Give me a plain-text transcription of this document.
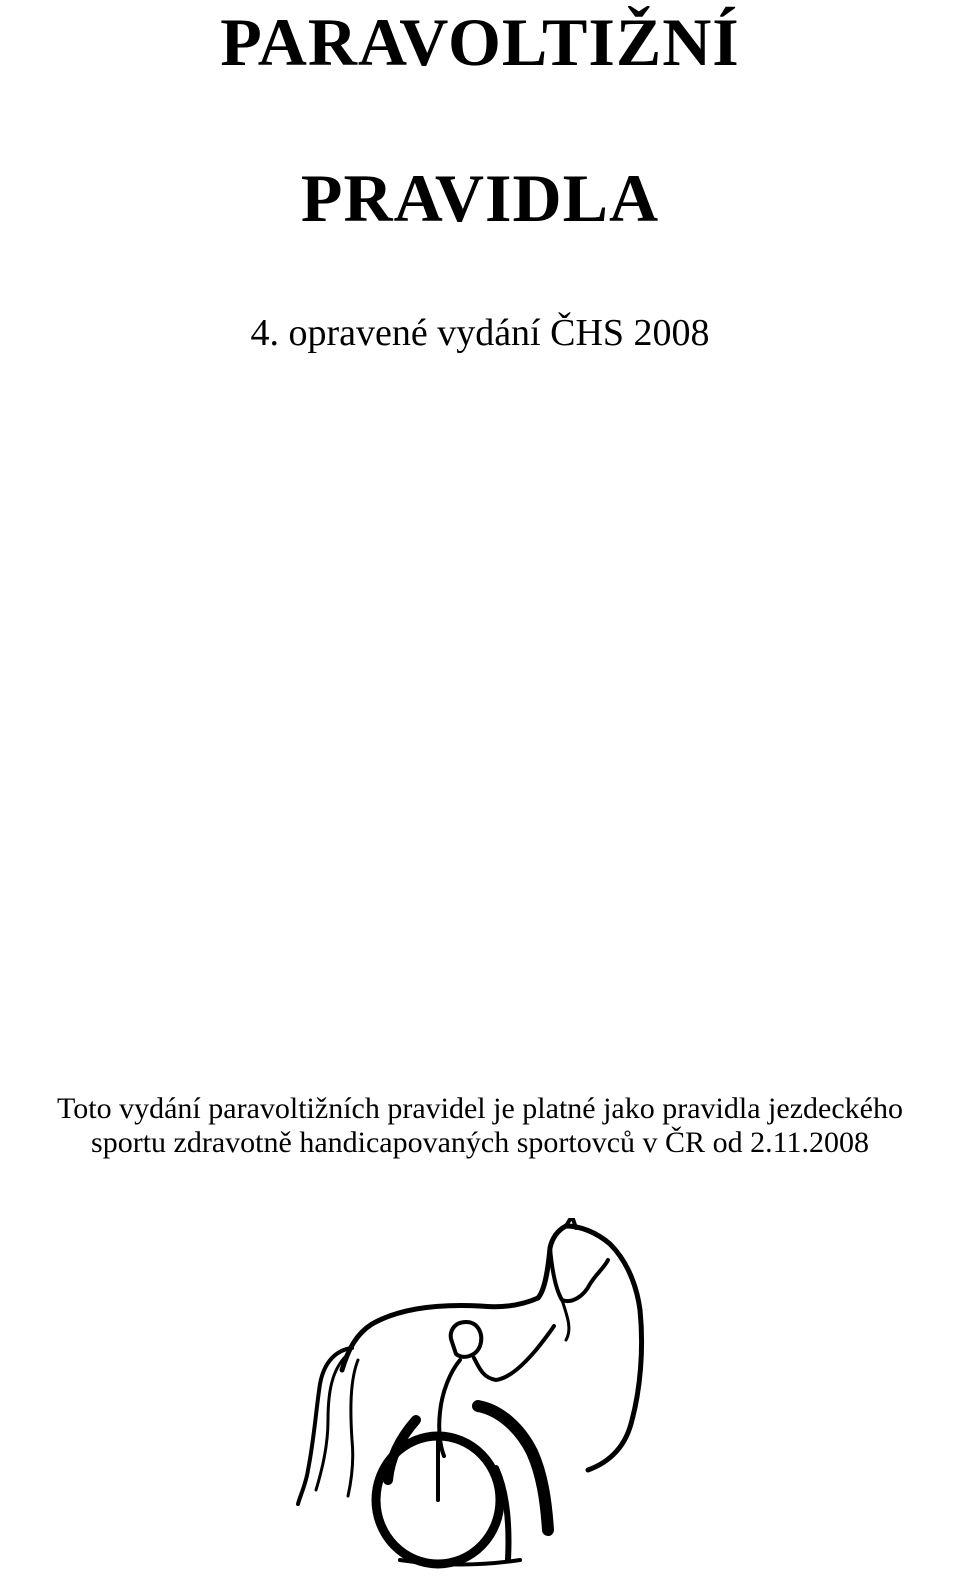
PARAVOLTIŽNÍ
PRAVIDLA
4. opravené vydání ČHS 2008
Toto vydání paravoltižních pravidel je platné jako pravidla jezdeckého
sportu zdravotně handicapovaných sportovců v ČR od 2.11.2008
